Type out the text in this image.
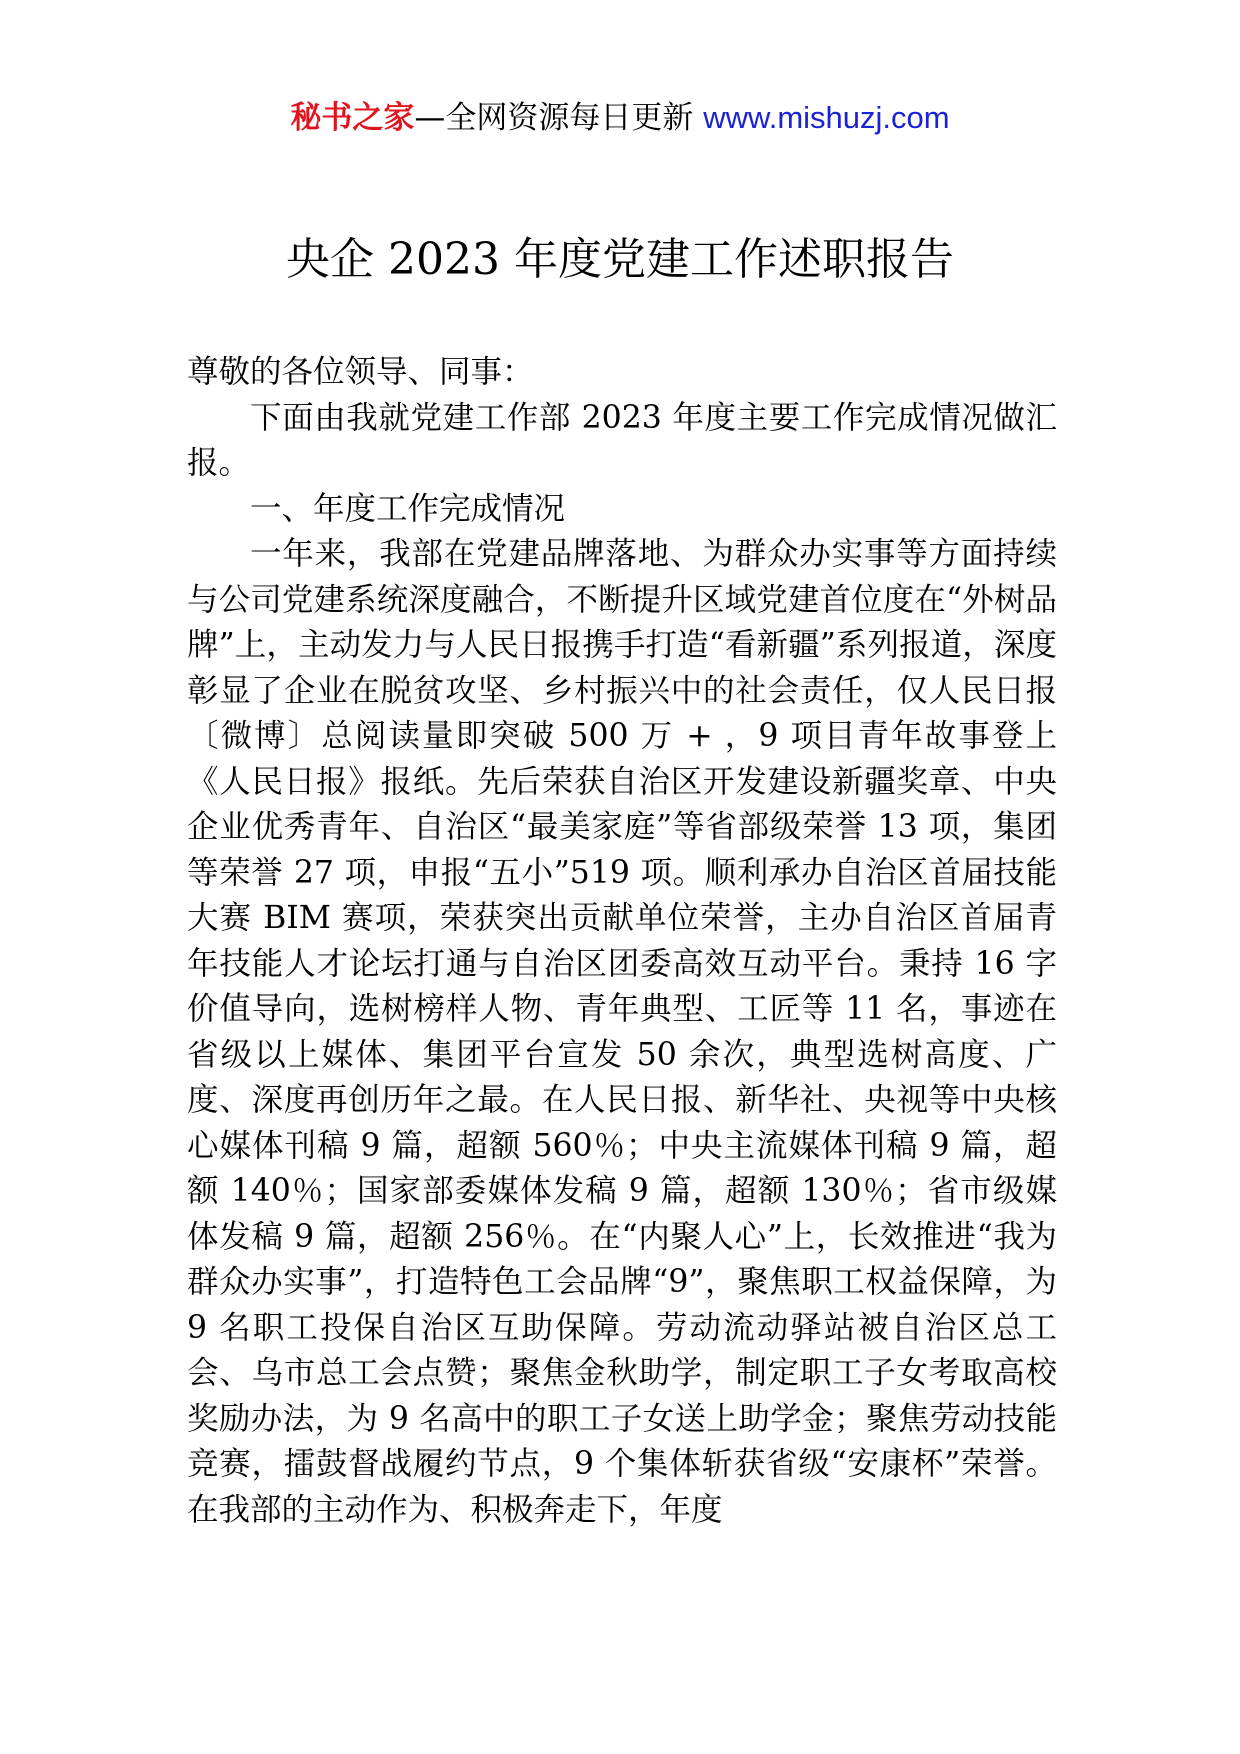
秘书之家—全网资源每日更新 www.mishuzj.com
央企 2023 年度党建工作述职报告

尊敬的各位领导、同事：

下面由我就党建工作部 2023 年度主要工作完成情况做汇报。

一、年度工作完成情况

一年来，我部在党建品牌落地、为群众办实事等方面持续与公司党建系统深度融合，不断提升区域党建首位度在“外树品牌”上，主动发力与人民日报携手打造“看新疆”系列报道，深度彰显了企业在脱贫攻坚、乡村振兴中的社会责任，仅人民日报〔微博〕总阅读量即突破 500 万 + ，9 项目青年故事登上《人民日报》报纸。先后荣获自治区开发建设新疆奖章、中央企业优秀青年、自治区“最美家庭”等省部级荣誉 13 项，集团等荣誉 27 项，申报“五小”519 项。顺利承办自治区首届技能大赛 BIM 赛项，荣获突出贡献单位荣誉，主办自治区首届青年技能人才论坛打通与自治区团委高效互动平台。秉持 16 字价值导向，选树榜样人物、青年典型、工匠等 11 名，事迹在省级以上媒体、集团平台宣发 50 余次，典型选树高度、广度、深度再创历年之最。在人民日报、新华社、央视等中央核心媒体刊稿 9 篇，超额 560％；中央主流媒体刊稿 9 篇，超额 140％；国家部委媒体发稿 9 篇，超额 130％；省市级媒体发稿 9 篇，超额 256％。在“内聚人心”上，长效推进“我为群众办实事”，打造特色工会品牌“9”，聚焦职工权益保障，为 9 名职工投保自治区互助保障。劳动流动驿站被自治区总工会、乌市总工会点赞；聚焦金秋助学，制定职工子女考取高校奖励办法，为 9 名高中的职工子女送上助学金；聚焦劳动技能竞赛，擂鼓督战履约节点，9 个集体斩获省级“安康杯”荣誉。在我部的主动作为、积极奔走下，年度
